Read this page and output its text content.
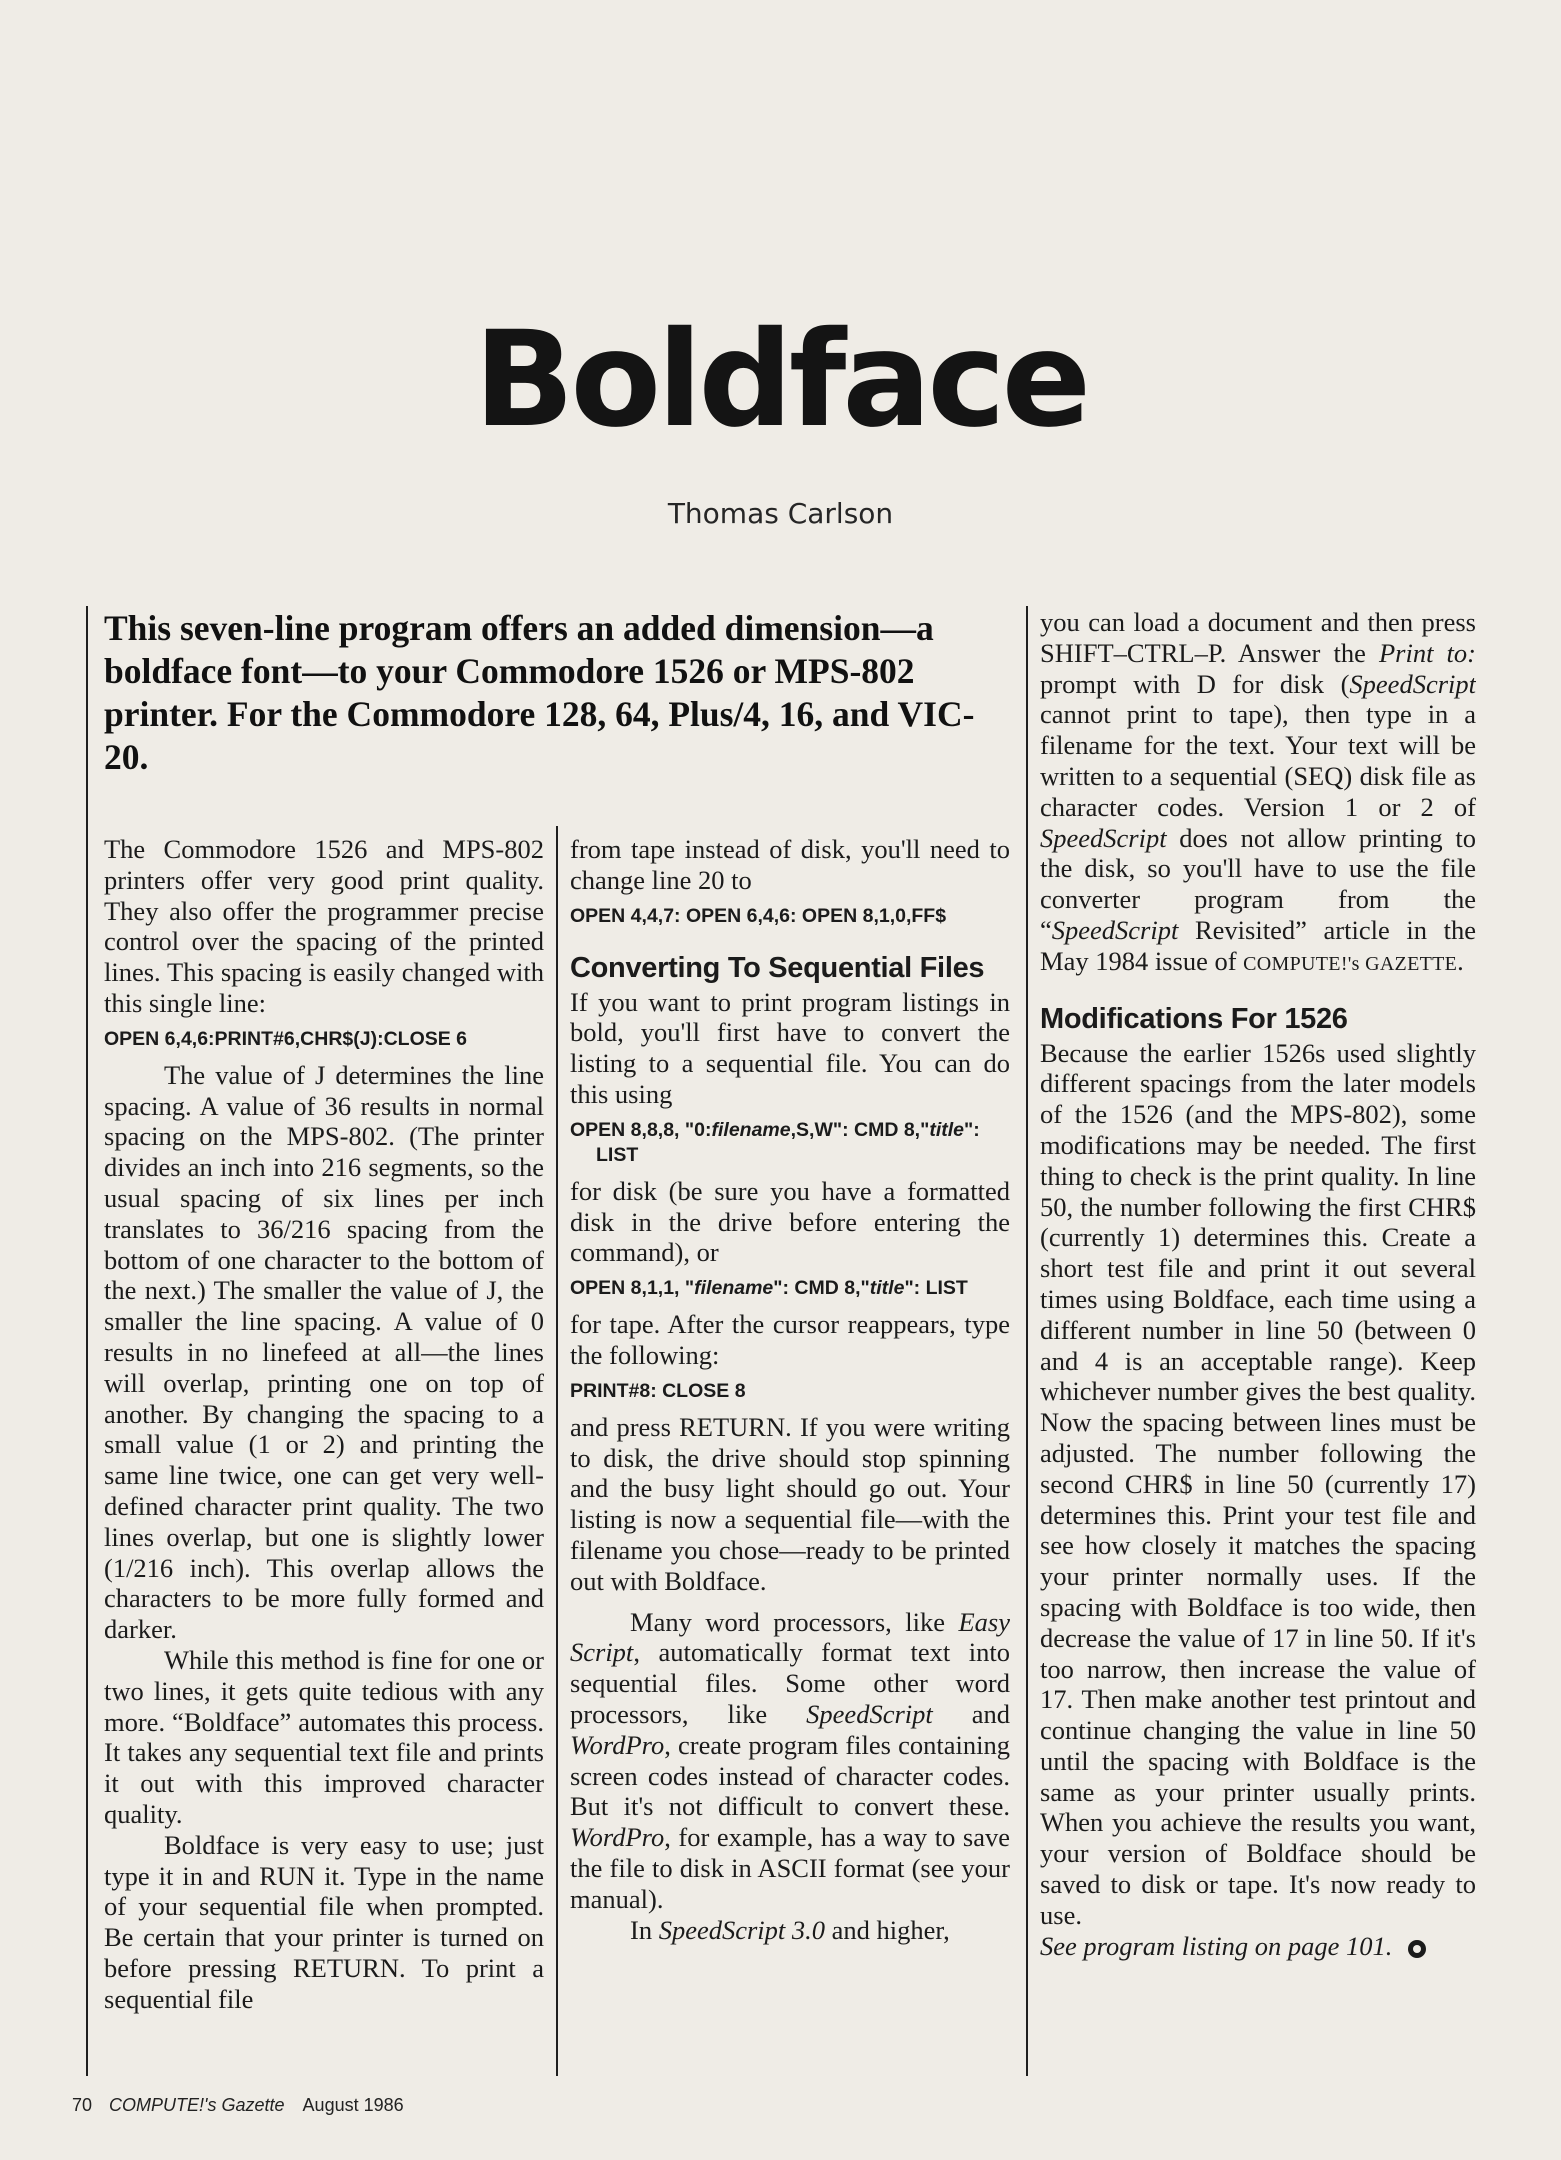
Boldface

Thomas Carlson

This seven-line program offers an added dimension—a boldface font—to your Commodore 1526 or MPS-802 printer. For the Commodore 128, 64, Plus/4, 16, and VIC-20.

The Commodore 1526 and MPS-802 printers offer very good print quality. They also offer the programmer precise control over the spacing of the printed lines. This spacing is easily changed with this single line:

OPEN 6,4,6:PRINT#6,CHR$(J):CLOSE 6

The value of J determines the line spacing. A value of 36 results in normal spacing on the MPS-802. (The printer divides an inch into 216 segments, so the usual spacing of six lines per inch translates to 36/216 spacing from the bottom of one character to the bottom of the next.) The smaller the value of J, the smaller the line spacing. A value of 0 results in no linefeed at all—the lines will overlap, printing one on top of another. By changing the spacing to a small value (1 or 2) and printing the same line twice, one can get very well-defined character print quality. The two lines overlap, but one is slightly lower (1/216 inch). This overlap allows the characters to be more fully formed and darker.

While this method is fine for one or two lines, it gets quite tedious with any more. “Boldface” automates this process. It takes any sequential text file and prints it out with this improved character quality.

Boldface is very easy to use; just type it in and RUN it. Type in the name of your sequential file when prompted. Be certain that your printer is turned on before pressing RETURN. To print a sequential file

from tape instead of disk, you'll need to change line 20 to

OPEN 4,4,7: OPEN 6,4,6: OPEN 8,1,0,FF$

Converting To Sequential Files

If you want to print program listings in bold, you'll first have to convert the listing to a sequential file. You can do this using

OPEN 8,8,8, "0:filename,S,W": CMD 8,"title": LIST

for disk (be sure you have a formatted disk in the drive before entering the command), or

OPEN 8,1,1, "filename": CMD 8,"title": LIST

for tape. After the cursor reappears, type the following:

PRINT#8: CLOSE 8

and press RETURN. If you were writing to disk, the drive should stop spinning and the busy light should go out. Your listing is now a sequential file—with the filename you chose—ready to be printed out with Boldface.

Many word processors, like Easy Script, automatically format text into sequential files. Some other word processors, like SpeedScript and WordPro, create program files containing screen codes instead of character codes. But it's not difficult to convert these. WordPro, for example, has a way to save the file to disk in ASCII format (see your manual).

In SpeedScript 3.0 and higher,

you can load a document and then press SHIFT–CTRL–P. Answer the Print to: prompt with D for disk (SpeedScript cannot print to tape), then type in a filename for the text. Your text will be written to a sequential (SEQ) disk file as character codes. Version 1 or 2 of SpeedScript does not allow printing to the disk, so you'll have to use the file converter program from the “SpeedScript Revisited” article in the May 1984 issue of COMPUTE!'s GAZETTE.

Modifications For 1526

Because the earlier 1526s used slightly different spacings from the later models of the 1526 (and the MPS-802), some modifications may be needed. The first thing to check is the print quality. In line 50, the number following the first CHR$ (currently 1) determines this. Create a short test file and print it out several times using Boldface, each time using a different number in line 50 (between 0 and 4 is an acceptable range). Keep whichever number gives the best quality. Now the spacing between lines must be adjusted. The number following the second CHR$ in line 50 (currently 17) determines this. Print your test file and see how closely it matches the spacing your printer normally uses. If the spacing with Boldface is too wide, then decrease the value of 17 in line 50. If it's too narrow, then increase the value of 17. Then make another test printout and continue changing the value in line 50 until the spacing with Boldface is the same as your printer usually prints. When you achieve the results you want, your version of Boldface should be saved to disk or tape. It's now ready to use.

See program listing on page 101.

70 COMPUTE!'s Gazette August 1986
